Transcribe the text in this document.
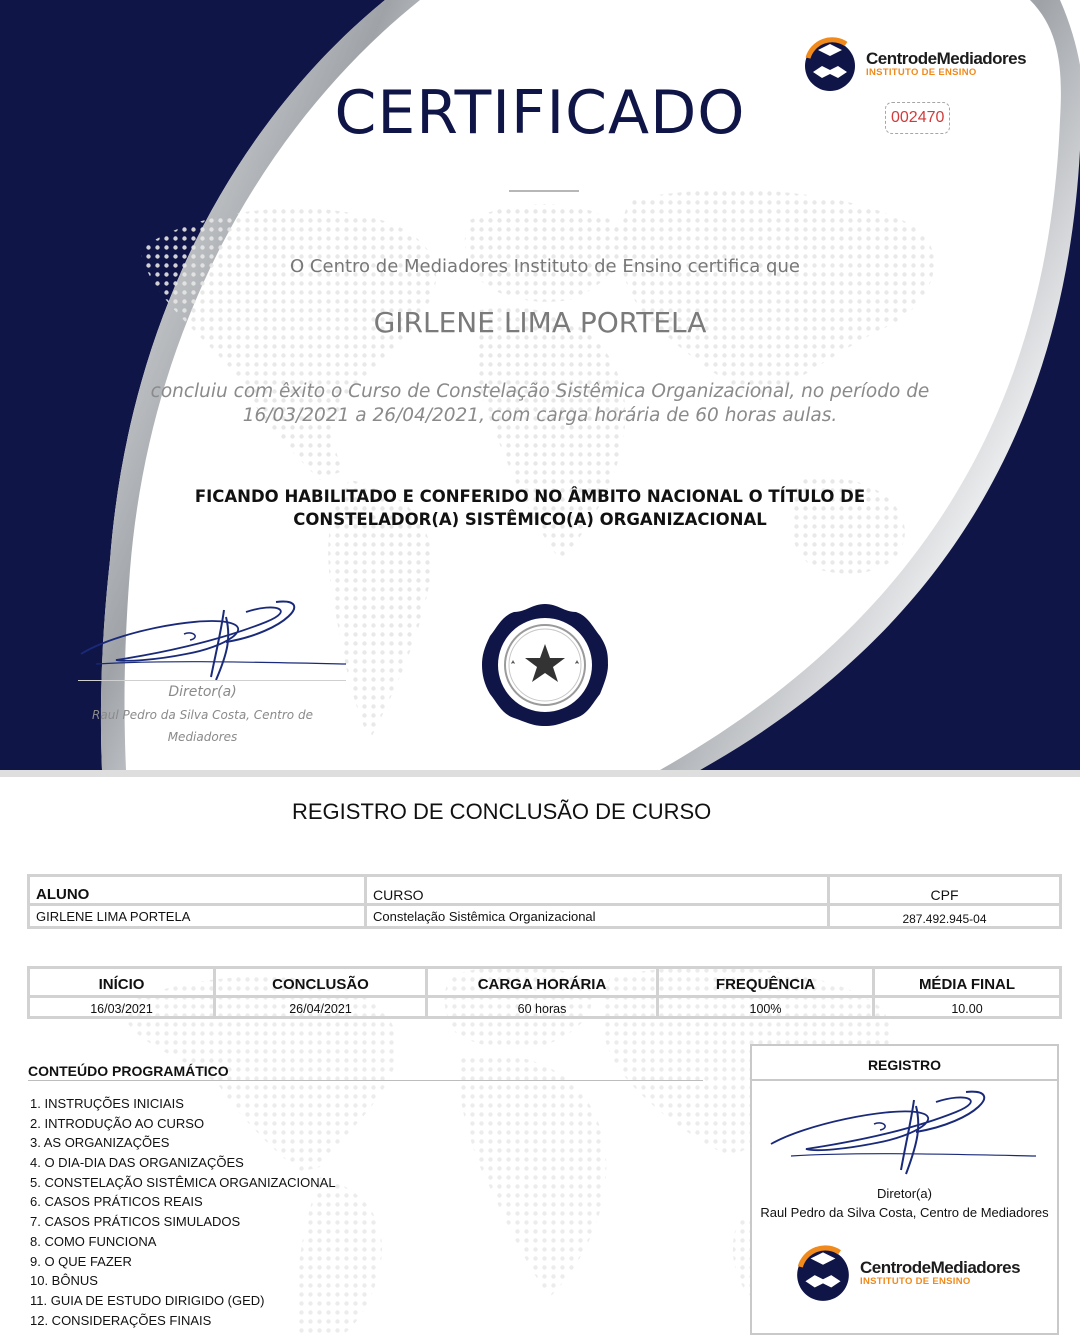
CERTIFICADO
CentrodeMediadores
INSTITUTO DE ENSINO
002470

O Centro de Mediadores Instituto de Ensino certifica que

GIRLENE LIMA PORTELA

concluiu com êxito o Curso de Constelação Sistêmica Organizacional, no período de
16/03/2021 a 26/04/2021, com carga horária de 60 horas aulas.

FICANDO HABILITADO E CONFERIDO NO ÂMBITO NACIONAL O TÍTULO DE
CONSTELADOR(A) SISTÊMICO(A) ORGANIZACIONAL

Diretor(a)
Raul Pedro da Silva Costa, Centro de
Mediadores
REGISTRO DE CONCLUSÃO DE CURSO
ALUNO	CURSO	CPF
GIRLENE LIMA PORTELA	Constelação Sistêmica Organizacional	287.492.945-04
INÍCIO	CONCLUSÃO	CARGA HORÁRIA	FREQUÊNCIA	MÉDIA FINAL
16/03/2021	26/04/2021	60 horas	100%	10.00
CONTEÚDO PROGRAMÁTICO
1. INSTRUÇÕES INICIAIS
2. INTRODUÇÃO AO CURSO
3. AS ORGANIZAÇÕES
4. O DIA-DIA DAS ORGANIZAÇÕES
5. CONSTELAÇÃO SISTÊMICA ORGANIZACIONAL
6. CASOS PRÁTICOS REAIS
7. CASOS PRÁTICOS SIMULADOS
8. COMO FUNCIONA
9. O QUE FAZER
10. BÔNUS
11. GUIA DE ESTUDO DIRIGIDO (GED)
12. CONSIDERAÇÕES FINAIS
REGISTRO
Diretor(a)
Raul Pedro da Silva Costa, Centro de Mediadores
CentrodeMediadores
INSTITUTO DE ENSINO
